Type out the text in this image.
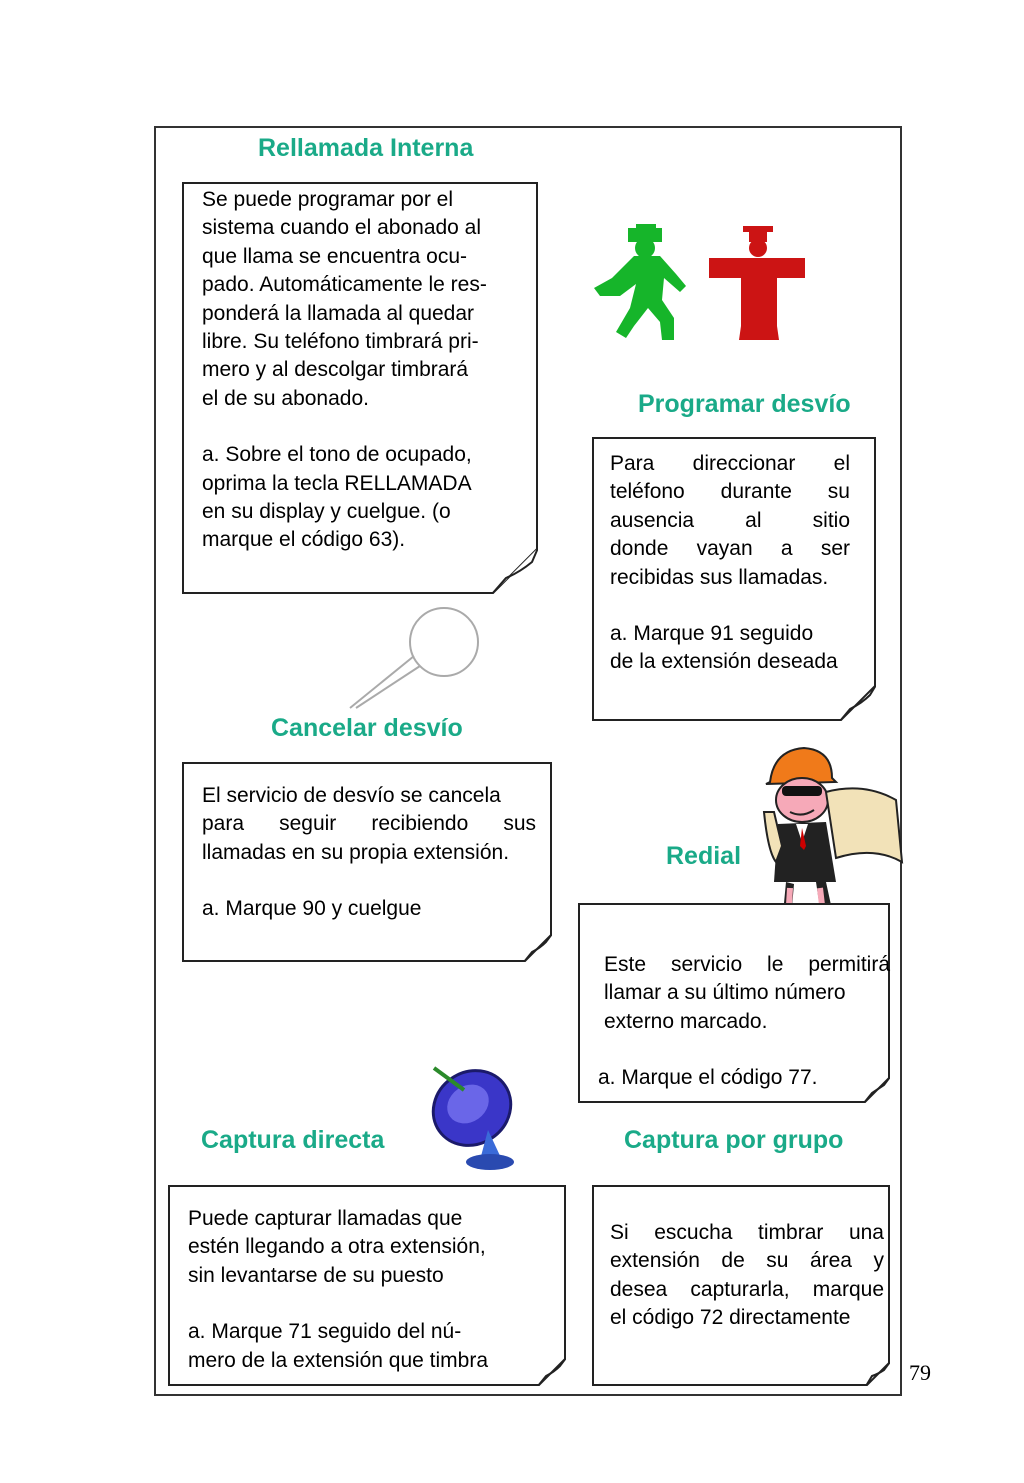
Rellamada Interna

Se puede programar por el
sistema cuando el abonado al
que llama se encuentra ocu-
pado. Automáticamente le res-
ponderá la llamada al quedar
libre. Su teléfono timbrará pri-
mero y al descolgar timbrará
el de su abonado.

a. Sobre el tono de ocupado,
oprima la tecla RELLAMADA
en su display y cuelgue. (o
marque el código 63).

Programar desvío

Para direccionar el
teléfono durante su
ausencia al sitio
donde vayan a ser
recibidas sus llamadas.

a. Marque 91 seguido
de la extensión deseada

Cancelar desvío

El servicio de desvío se cancela
para seguir recibiendo sus
llamadas en su propia extensión.

a. Marque 90 y cuelgue

Redial

Este servicio le permitirá
llamar a su último número
externo marcado.

a. Marque el código 77.

Captura directa

Puede capturar llamadas que
estén llegando a otra extensión,
sin levantarse de su puesto

a. Marque 71 seguido del nú-
mero de la extensión que timbra

Captura por grupo

Si escucha timbrar una
extensión de su área y
desea capturarla, marque
el código 72 directamente

79
